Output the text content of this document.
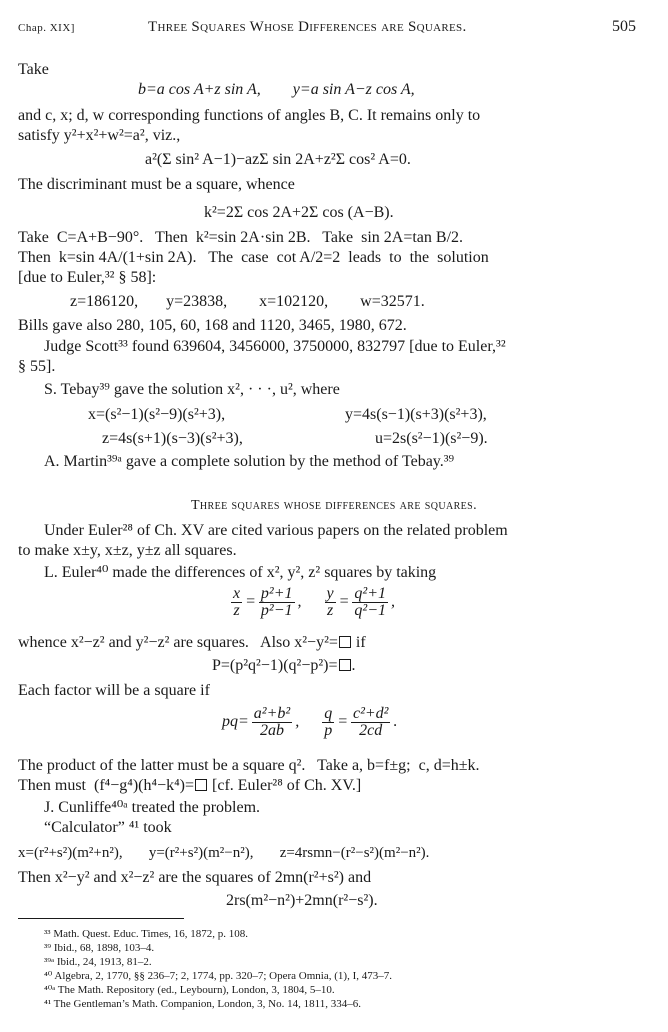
Chap. XIX]	Three Squares Whose Differences are Squares.	505
Take
b=a cos A+z sin A,        y=a sin A−z cos A,
and c, x; d, w corresponding functions of angles B, C. It remains only to
satisfy y²+x²+w²=a², viz.,
a²(Σ sin² A−1)−azΣ sin 2A+z²Σ cos² A=0.
The discriminant must be a square, whence
k²=2Σ cos 2A+2Σ cos (A−B).
Take  C=A+B−90°.   Then  k²=sin 2A·sin 2B.   Take  sin 2A=tan B/2.
Then  k=sin 4A/(1+sin 2A).   The  case  cot A/2=2  leads  to  the  solution
[due to Euler,³² § 58]:
z=186120,       y=23838,        x=102120,        w=32571.
Bills gave also 280, 105, 60, 168 and 1120, 3465, 1980, 672.
Judge Scott³³ found 639604, 3456000, 3750000, 832797 [due to Euler,³²
§ 55].
S. Tebay³⁹ gave the solution x², · · ·, u², where
x=(s²−1)(s²−9)(s²+3),	y=4s(s−1)(s+3)(s²+3),
z=4s(s+1)(s−3)(s²+3),	u=2s(s²−1)(s²−9).
A. Martin³⁹ᵃ gave a complete solution by the method of Tebay.³⁹
Three squares whose differences are squares.
Under Euler²⁸ of Ch. XV are cited various papers on the related problem
to make x±y, x±z, y±z all squares.
L. Euler⁴⁰ made the differences of x², y², z² squares by taking
$\frac{x}{z} = \frac{\text{p²+1}}{\text{p²−1}}$ , $\frac{y}{z} = \frac{\text{q²+1}}{\text{q²−1}}$ ,
whence x²−z² and y²−z² are squares.   Also x²−y²= if
P=(p²q²−1)(q²−p²)= .
Each factor will be a square if
$pq= \frac{\text{a²+b²}}{2ab}$ , $\frac{q}{p} = \frac{\text{c²+d²}}{2cd}$ .
The product of the latter must be a square q².   Take a, b=f±g;  c, d=h±k.
Then must  (f⁴−g⁴)(h⁴−k⁴)= [cf. Euler²⁸ of Ch. XV.]
J. Cunliffe⁴⁰ᵃ treated the problem.
“Calculator” ⁴¹ took
x=(r²+s²)(m²+n²),       y=(r²+s²)(m²−n²),       z=4rsmn−(r²−s²)(m²−n²).
Then x²−y² and x²−z² are the squares of 2mn(r²+s²) and
2rs(m²−n²)+2mn(r²−s²).
³³ Math. Quest. Educ. Times, 16, 1872, p. 108.
³⁹ Ibid., 68, 1898, 103–4.
³⁹ᵃ Ibid., 24, 1913, 81–2.
⁴⁰ Algebra, 2, 1770, §§ 236–7; 2, 1774, pp. 320–7; Opera Omnia, (1), I, 473–7.
⁴⁰ᵃ The Math. Repository (ed., Leybourn), London, 3, 1804, 5–10.
⁴¹ The Gentleman’s Math. Companion, London, 3, No. 14, 1811, 334–6.
